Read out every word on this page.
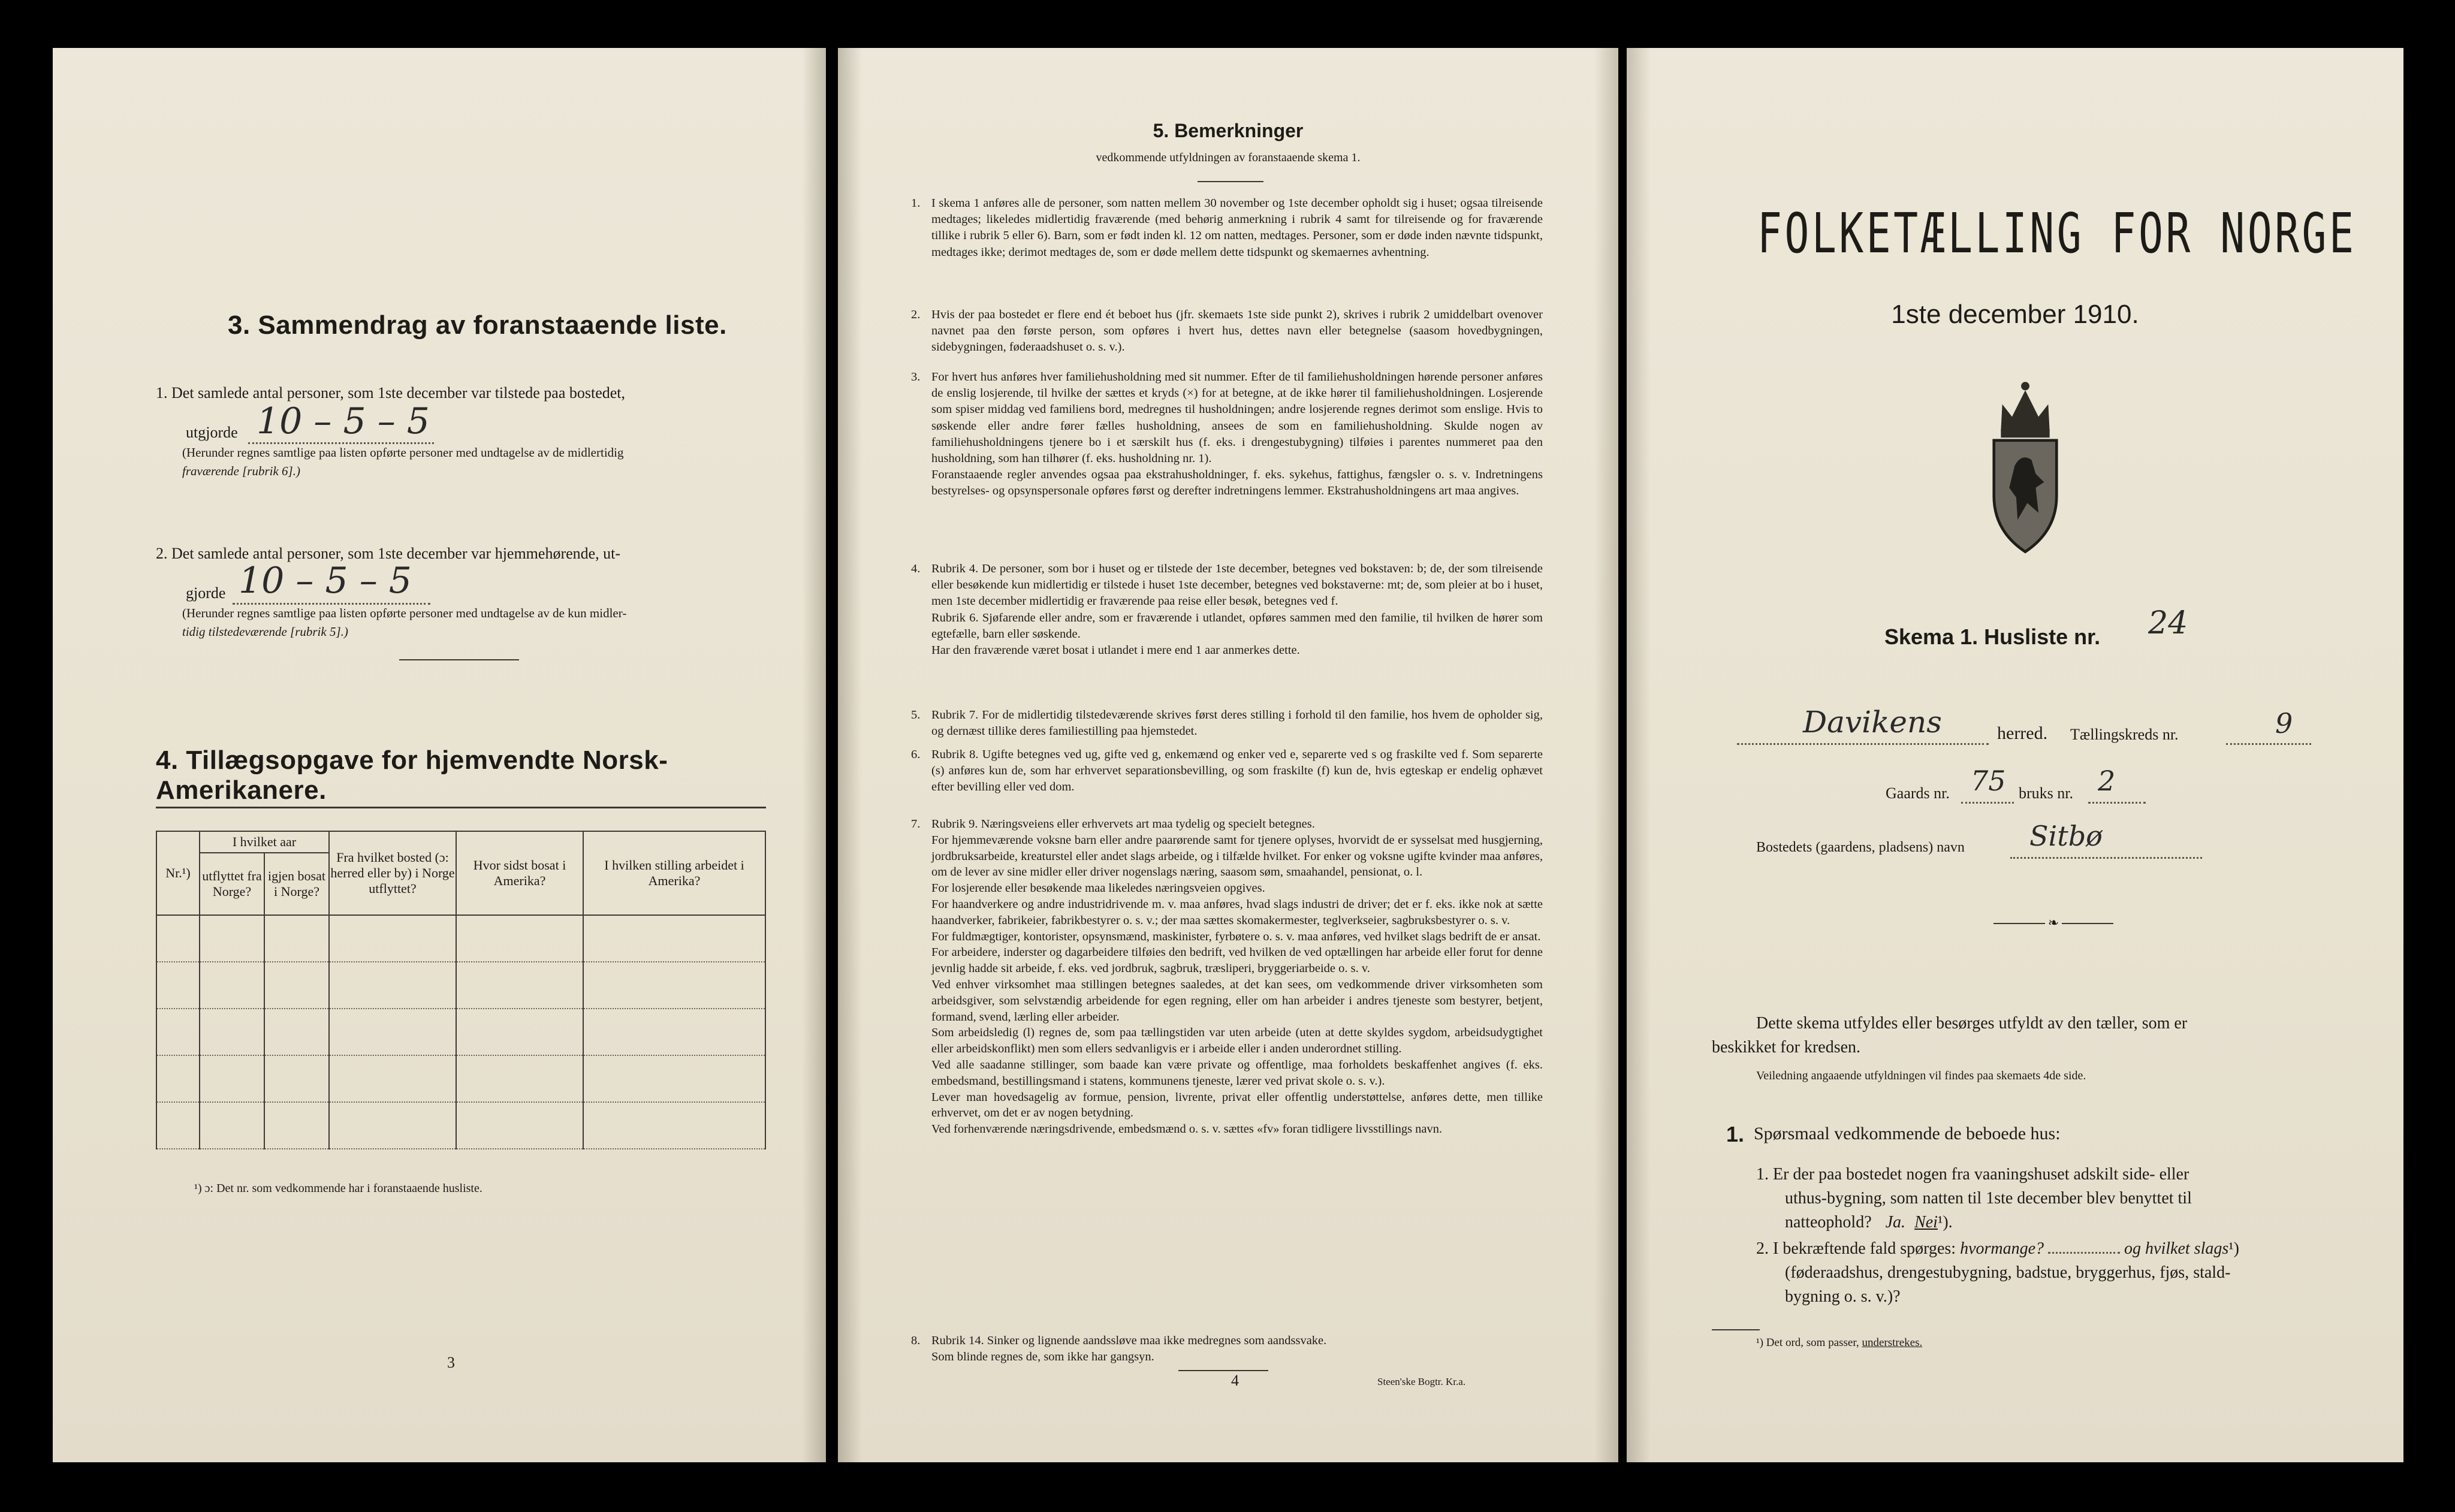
3. Sammendrag av foranstaaende liste.
1. Det samlede antal personer, som 1ste december var tilstede paa bostedet,
utgjorde 10 – 5 – 5
(Herunder regnes samtlige paa listen opførte personer med undtagelse av de midlertidig
fraværende [rubrik 6].)
2. Det samlede antal personer, som 1ste december var hjemmehørende, ut-
gjorde 10 – 5 – 5
(Herunder regnes samtlige paa listen opførte personer med undtagelse av de kun midler-
tidig tilstedeværende [rubrik 5].)
4. Tillægsopgave for hjemvendte Norsk-Amerikanere.
Nr.¹)	I hvilket aar		Fra hvilket bosted (ɔ: herred eller by) i Norge utflyttet?	Hvor sidst bosat i Amerika?	I hvilken stilling arbeidet i Amerika?
	utflyttet fra Norge?	igjen bosat i Norge?			

¹) ɔ: Det nr. som vedkommende har i foranstaaende husliste.
3
5. Bemerkninger
vedkommende utfyldningen av foranstaaende skema 1.
1. I skema 1 anføres alle de personer, som natten mellem 30 november og 1ste december opholdt sig i huset; ogsaa tilreisende medtages; likeledes midlertidig fraværende (med behørig anmerkning i rubrik 4 samt for tilreisende og for fraværende tillike i rubrik 5 eller 6). Barn, som er født inden kl. 12 om natten, medtages. Personer, som er døde inden nævnte tidspunkt, medtages ikke; derimot medtages de, som er døde mellem dette tidspunkt og skemaernes avhentning.
2. Hvis der paa bostedet er flere end ét beboet hus (jfr. skemaets 1ste side punkt 2), skrives i rubrik 2 umiddelbart ovenover navnet paa den første person, som opføres i hvert hus, dettes navn eller betegnelse (saasom hovedbygningen, sidebygningen, føderaadshuset o. s. v.).
3. For hvert hus anføres hver familiehusholdning med sit nummer. Efter de til familiehusholdningen hørende personer anføres de enslig losjerende, til hvilke der sættes et kryds (×) for at betegne, at de ikke hører til familiehusholdningen. Losjerende som spiser middag ved familiens bord, medregnes til husholdningen; andre losjerende regnes derimot som enslige. Hvis to søskende eller andre fører fælles husholdning, ansees de som en familiehusholdning. Skulde nogen av familiehusholdningens tjenere bo i et særskilt hus (f. eks. i drengestubygning) tilføies i parentes nummeret paa den husholdning, som han tilhører (f. eks. husholdning nr. 1).
Foranstaaende regler anvendes ogsaa paa ekstrahusholdninger, f. eks. sykehus, fattighus, fængsler o. s. v. Indretningens bestyrelses- og opsynspersonale opføres først og derefter indretningens lemmer. Ekstrahusholdningens art maa angives.
4. Rubrik 4. De personer, som bor i huset og er tilstede der 1ste december, betegnes ved bokstaven: b; de, der som tilreisende eller besøkende kun midlertidig er tilstede i huset 1ste december, betegnes ved bokstaverne: mt; de, som pleier at bo i huset, men 1ste december midlertidig er fraværende paa reise eller besøk, betegnes ved f.
Rubrik 6. Sjøfarende eller andre, som er fraværende i utlandet, opføres sammen med den familie, til hvilken de hører som egtefælle, barn eller søskende.
Har den fraværende været bosat i utlandet i mere end 1 aar anmerkes dette.
5. Rubrik 7. For de midlertidig tilstedeværende skrives først deres stilling i forhold til den familie, hos hvem de opholder sig, og dernæst tillike deres familiestilling paa hjemstedet.
6. Rubrik 8. Ugifte betegnes ved ug, gifte ved g, enkemænd og enker ved e, separerte ved s og fraskilte ved f. Som separerte (s) anføres kun de, som har erhvervet separationsbevilling, og som fraskilte (f) kun de, hvis egteskap er endelig ophævet efter bevilling eller ved dom.
7. Rubrik 9. Næringsveiens eller erhvervets art maa tydelig og specielt betegnes.
For hjemmeværende voksne barn eller andre paarørende samt for tjenere oplyses, hvorvidt de er sysselsat med husgjerning, jordbruksarbeide, kreaturstel eller andet slags arbeide, og i tilfælde hvilket. For enker og voksne ugifte kvinder maa anføres, om de lever av sine midler eller driver nogenslags næring, saasom søm, smaahandel, pensionat, o. l.
For losjerende eller besøkende maa likeledes næringsveien opgives.
For haandverkere og andre industridrivende m. v. maa anføres, hvad slags industri de driver; det er f. eks. ikke nok at sætte haandverker, fabrikeier, fabrikbestyrer o. s. v.; der maa sættes skomakermester, teglverkseier, sagbruksbestyrer o. s. v.
For fuldmægtiger, kontorister, opsynsmænd, maskinister, fyrbøtere o. s. v. maa anføres, ved hvilket slags bedrift de er ansat.
For arbeidere, inderster og dagarbeidere tilføies den bedrift, ved hvilken de ved optællingen har arbeide eller forut for denne jevnlig hadde sit arbeide, f. eks. ved jordbruk, sagbruk, træsliperi, bryggeriarbeide o. s. v.
Ved enhver virksomhet maa stillingen betegnes saaledes, at det kan sees, om vedkommende driver virksomheten som arbeidsgiver, som selvstændig arbeidende for egen regning, eller om han arbeider i andres tjeneste som bestyrer, betjent, formand, svend, lærling eller arbeider.
Som arbeidsledig (l) regnes de, som paa tællingstiden var uten arbeide (uten at dette skyldes sygdom, arbeidsudygtighet eller arbeidskonflikt) men som ellers sedvanligvis er i arbeide eller i anden underordnet stilling.
Ved alle saadanne stillinger, som baade kan være private og offentlige, maa forholdets beskaffenhet angives (f. eks. embedsmand, bestillingsmand i statens, kommunens tjeneste, lærer ved privat skole o. s. v.).
Lever man hovedsagelig av formue, pension, livrente, privat eller offentlig understøttelse, anføres dette, men tillike erhvervet, om det er av nogen betydning.
Ved forhenværende næringsdrivende, embedsmænd o. s. v. sættes «fv» foran tidligere livsstillings navn.
8. Rubrik 14. Sinker og lignende aandssløve maa ikke medregnes som aandssvake.
Som blinde regnes de, som ikke har gangsyn.
4	Steen'ske Bogtr. Kr.a.
FOLKETÆLLING FOR NORGE
1ste december 1910.
Skema 1. Husliste nr. 24
Davikens	herred. Tællingskreds nr.	9
Gaards nr. 75 bruks nr. 2
Bostedets (gaardens, pladsens) navn Sitbø
❧
Dette skema utfyldes eller besørges utfyldt av den tæller, som er
beskikket for kredsen.
Veiledning angaaende utfyldningen vil findes paa skemaets 4de side.
1. Spørsmaal vedkommende de beboede hus:
1. Er der paa bostedet nogen fra vaaningshuset adskilt side- eller
uthus-bygning, som natten til 1ste december blev benyttet til
natteophold? Ja. Nei¹).
2. I bekræftende fald spørges: hvormange?	og hvilket slags¹)
(føderaadshus, drengestubygning, badstue, bryggerhus, fjøs, stald-
bygning o. s. v.)?
¹) Det ord, som passer, understrekes.
